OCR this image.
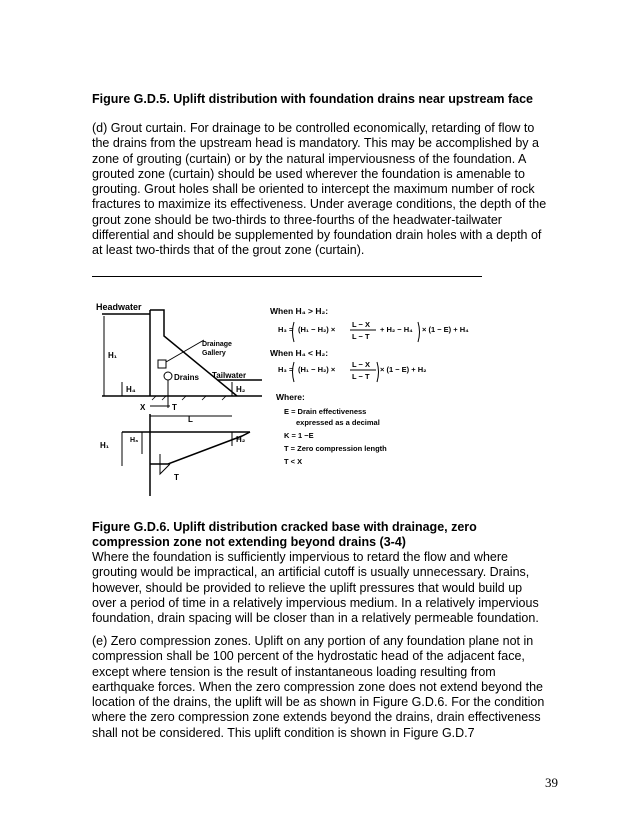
Figure G.D.5. Uplift distribution with foundation drains near upstream face
(d) Grout curtain. For drainage to be controlled economically, retarding of flow to the drains from the upstream head is mandatory. This may be accomplished by a zone of grouting (curtain) or by the natural imperviousness of the foundation. A grouted zone (curtain) should be used wherever the foundation is amenable to grouting. Grout holes shall be oriented to intercept the maximum number of rock fractures to maximize its effectiveness. Under average conditions, the depth of the grout zone should be two-thirds to three-fourths of the headwater-tailwater differential and should be supplemented by foundation drain holes with a depth of at least two-thirds that of the grout zone (curtain).
Headwater
Tailwater
Drainage
Gallery
Drains
H₁
H₄	H₂
X	T
L
H₁
H₃	H₂
T
When H₄ > H₂:
H₃ = (H₁ − H₂) ×
L − X
L − T
+ H₂ − H₄ × (1 − E) + H₄
When H₄ < H₂:
H₃ = (H₁ − H₂) ×
L − X
L − T
× (1 − E) + H₂
Where:
E = Drain effectiveness
expressed as a decimal
K = 1 −E
T = Zero compression length
T < X
Figure G.D.6. Uplift distribution cracked base with drainage, zero compression zone not extending beyond drains (3-4)
Where the foundation is sufficiently impervious to retard the flow and where grouting would be impractical, an artificial cutoff is usually unnecessary. Drains, however, should be provided to relieve the uplift pressures that would build up over a period of time in a relatively impervious medium. In a relatively impervious foundation, drain spacing will be closer than in a relatively permeable foundation.
(e) Zero compression zones. Uplift on any portion of any foundation plane not in compression shall be 100 percent of the hydrostatic head of the adjacent face, except where tension is the result of instantaneous loading resulting from earthquake forces. When the zero compression zone does not extend beyond the location of the drains, the uplift will be as shown in Figure G.D.6. For the condition where the zero compression zone extends beyond the drains, drain effectiveness shall not be considered. This uplift condition is shown in Figure G.D.7
39
